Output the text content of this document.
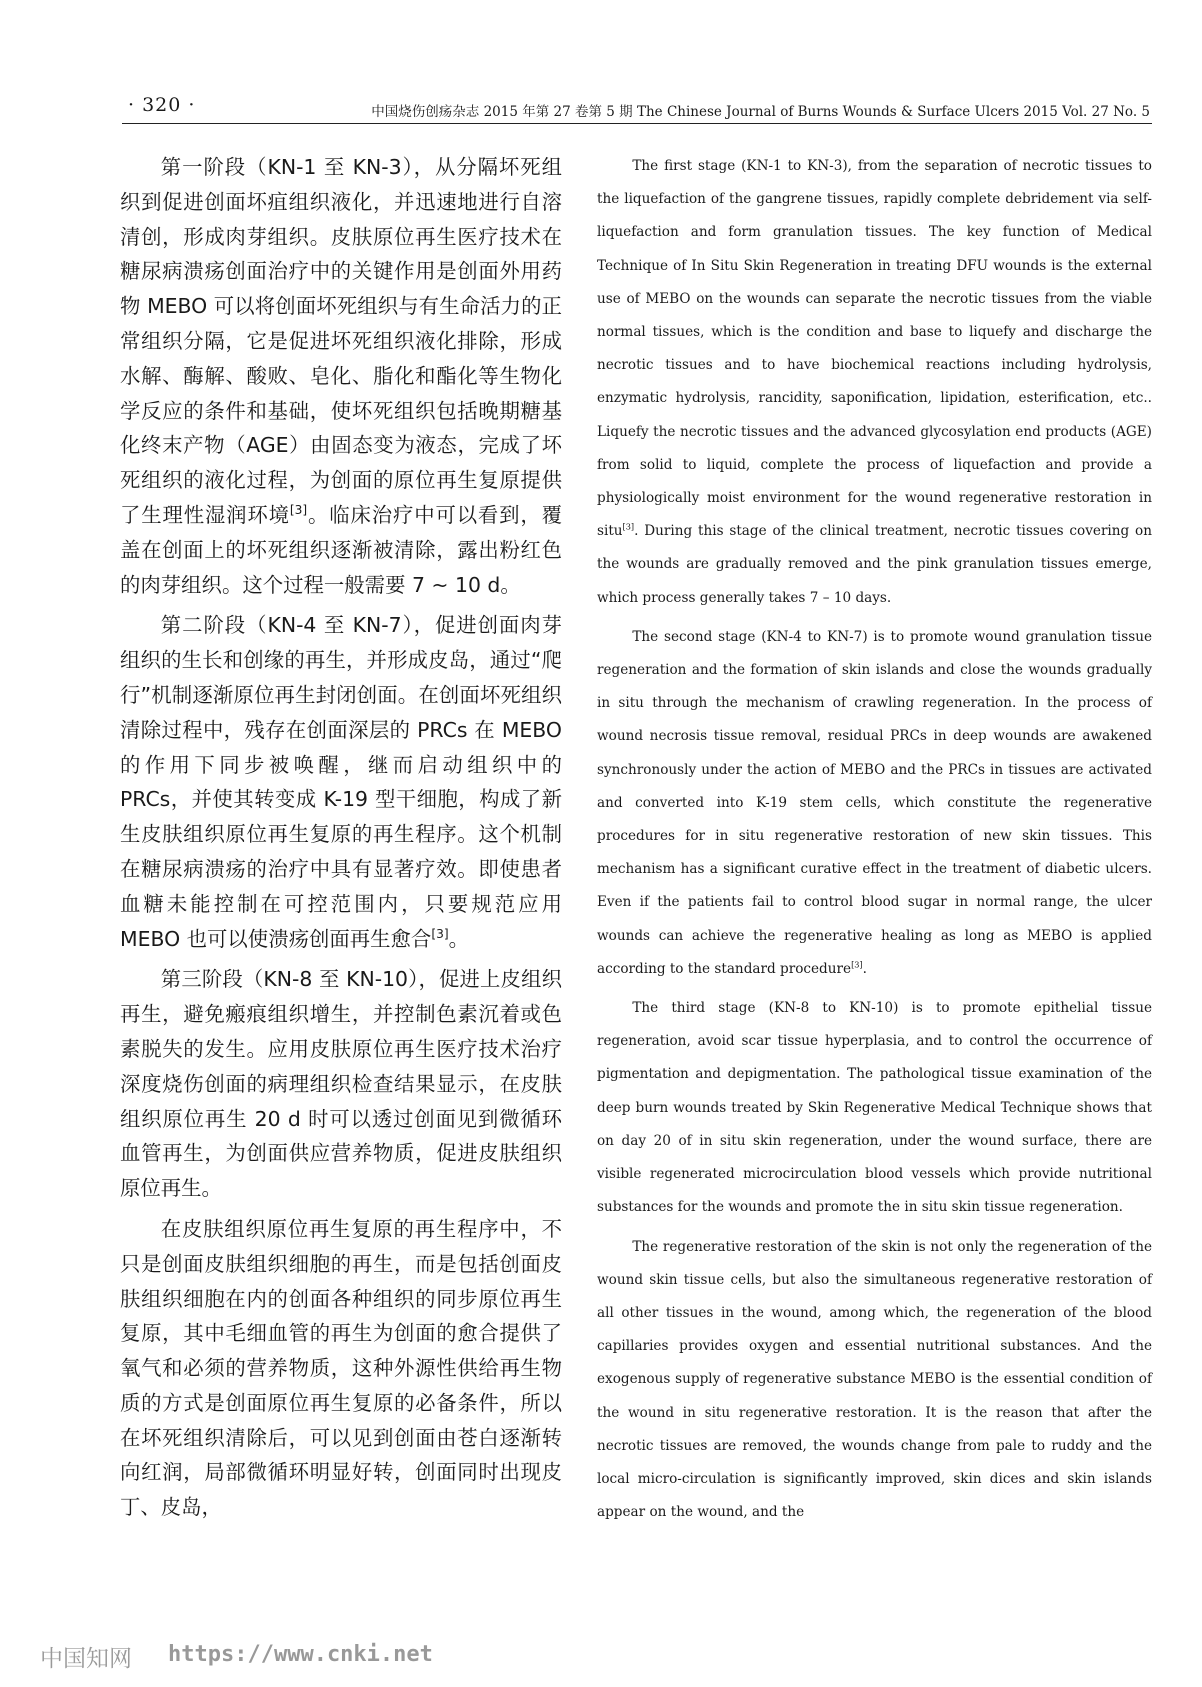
· 320 ·	中国烧伤创疡杂志 2015 年第 27 卷第 5 期 The Chinese Journal of Burns Wounds & Surface Ulcers 2015 Vol. 27 No. 5

第一阶段（KN-1 至 KN-3），从分隔坏死组织到促进创面坏疽组织液化，并迅速地进行自溶清创，形成肉芽组织。皮肤原位再生医疗技术在糖尿病溃疡创面治疗中的关键作用是创面外用药物 MEBO 可以将创面坏死组织与有生命活力的正常组织分隔，它是促进坏死组织液化排除，形成水解、酶解、酸败、皂化、脂化和酯化等生物化学反应的条件和基础，使坏死组织包括晚期糖基化终末产物（AGE）由固态变为液态，完成了坏死组织的液化过程，为创面的原位再生复原提供了生理性湿润环境[3]。临床治疗中可以看到，覆盖在创面上的坏死组织逐渐被清除，露出粉红色的肉芽组织。这个过程一般需要 7 ~ 10 d。

第二阶段（KN-4 至 KN-7），促进创面肉芽组织的生长和创缘的再生，并形成皮岛，通过“爬行”机制逐渐原位再生封闭创面。在创面坏死组织清除过程中，残存在创面深层的 PRCs 在 MEBO 的作用下同步被唤醒，继而启动组织中的 PRCs，并使其转变成 K-19 型干细胞，构成了新生皮肤组织原位再生复原的再生程序。这个机制在糖尿病溃疡的治疗中具有显著疗效。即使患者血糖未能控制在可控范围内，只要规范应用 MEBO 也可以使溃疡创面再生愈合[3]。

第三阶段（KN-8 至 KN-10），促进上皮组织再生，避免瘢痕组织增生，并控制色素沉着或色素脱失的发生。应用皮肤原位再生医疗技术治疗深度烧伤创面的病理组织检查结果显示，在皮肤组织原位再生 20 d 时可以透过创面见到微循环血管再生，为创面供应营养物质，促进皮肤组织原位再生。

在皮肤组织原位再生复原的再生程序中，不只是创面皮肤组织细胞的再生，而是包括创面皮肤组织细胞在内的创面各种组织的同步原位再生复原，其中毛细血管的再生为创面的愈合提供了氧气和必须的营养物质，这种外源性供给再生物质的方式是创面原位再生复原的必备条件，所以在坏死组织清除后，可以见到创面由苍白逐渐转向红润，局部微循环明显好转，创面同时出现皮丁、皮岛，

The first stage (KN-1 to KN-3), from the separation of necrotic tissues to the liquefaction of the gangrene tissues, rapidly complete debridement via self-liquefaction and form granulation tissues. The key function of Medical Technique of In Situ Skin Regeneration in treating DFU wounds is the external use of MEBO on the wounds can separate the necrotic tissues from the viable normal tissues, which is the condition and base to liquefy and discharge the necrotic tissues and to have biochemical reactions including hydrolysis, enzymatic hydrolysis, rancidity, saponification, lipidation, esterification, etc.. Liquefy the necrotic tissues and the advanced glycosylation end products (AGE) from solid to liquid, complete the process of liquefaction and provide a physiologically moist environment for the wound regenerative restoration in situ[3]. During this stage of the clinical treatment, necrotic tissues covering on the wounds are gradually removed and the pink granulation tissues emerge, which process generally takes 7 – 10 days.

The second stage (KN-4 to KN-7) is to promote wound granulation tissue regeneration and the formation of skin islands and close the wounds gradually in situ through the mechanism of crawling regeneration. In the process of wound necrosis tissue removal, residual PRCs in deep wounds are awakened synchronously under the action of MEBO and the PRCs in tissues are activated and converted into K-19 stem cells, which constitute the regenerative procedures for in situ regenerative restoration of new skin tissues. This mechanism has a significant curative effect in the treatment of diabetic ulcers. Even if the patients fail to control blood sugar in normal range, the ulcer wounds can achieve the regenerative healing as long as MEBO is applied according to the standard procedure[3].

The third stage (KN-8 to KN-10) is to promote epithelial tissue regeneration, avoid scar tissue hyperplasia, and to control the occurrence of pigmentation and depigmentation. The pathological tissue examination of the deep burn wounds treated by Skin Regenerative Medical Technique shows that on day 20 of in situ skin regeneration, under the wound surface, there are visible regenerated microcirculation blood vessels which provide nutritional substances for the wounds and promote the in situ skin tissue regeneration.

The regenerative restoration of the skin is not only the regeneration of the wound skin tissue cells, but also the simultaneous regenerative restoration of all other tissues in the wound, among which, the regeneration of the blood capillaries provides oxygen and essential nutritional substances. And the exogenous supply of regenerative substance MEBO is the essential condition of the wound in situ regenerative restoration. It is the reason that after the necrotic tissues are removed, the wounds change from pale to ruddy and the local micro-circulation is significantly improved, skin dices and skin islands appear on the wound, and the

中国知网 https://www.cnki.net
